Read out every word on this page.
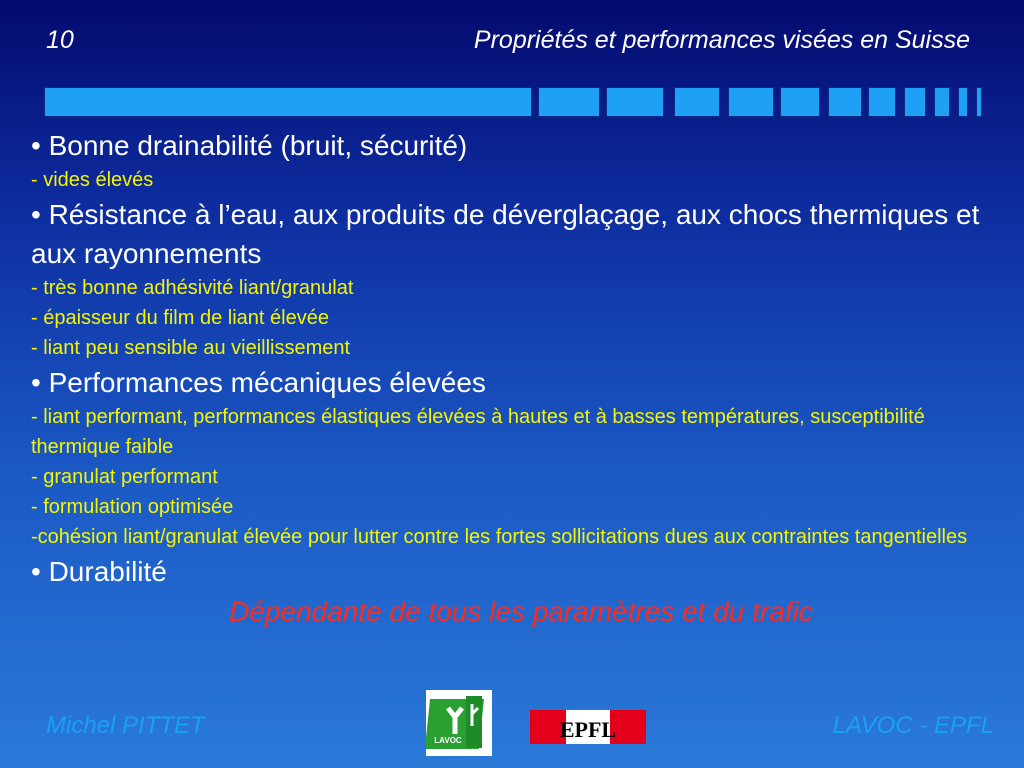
10	Propriétés et performances visées en Suisse
• Bonne drainabilité (bruit, sécurité)
- vides élevés
• Résistance à l’eau, aux produits de déverglaçage, aux chocs thermiques et aux rayonnements
- très bonne adhésivité liant/granulat
- épaisseur du film de liant élevée
- liant peu sensible au vieillissement
• Performances mécaniques élevées
- liant performant, performances élastiques élevées à hautes et à basses températures, susceptibilité thermique faible
- granulat performant
- formulation optimisée
-cohésion liant/granulat élevée pour lutter contre les fortes sollicitations dues aux contraintes tangentielles
• Durabilité
Dépendante de tous les paramètres et du trafic
Michel PITTET
LAVOC	EPFL	LAVOC - EPFL
